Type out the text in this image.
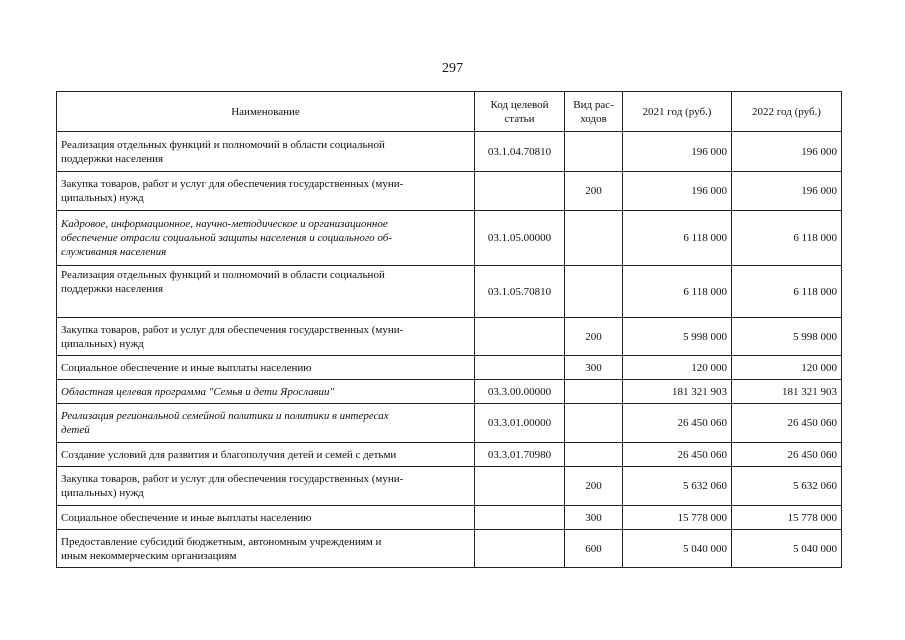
297
Наименование	Код целевой статьи	Вид рас- ходов	2021 год (руб.)	2022 год (руб.)
Реализация отдельных функций и полномочий в области социальной
поддержки населения	03.1.04.70810		196 000	196 000
Закупка товаров, работ и услуг для обеспечения государственных (муни-
ципальных) нужд		200	196 000	196 000
Кадровое, информационное, научно-методическое и организационное
обеспечение отрасли социальной защиты населения и социального об-
служивания населения	03.1.05.00000		6 118 000	6 118 000
Реализация отдельных функций и полномочий в области социальной
поддержки населения	03.1.05.70810		6 118 000	6 118 000
Закупка товаров, работ и услуг для обеспечения государственных (муни-
ципальных) нужд		200	5 998 000	5 998 000
Социальное обеспечение и иные выплаты населению		300	120 000	120 000
Областная целевая программа "Семья и дети Ярославии"	03.3.00.00000		181 321 903	181 321 903
Реализация региональной семейной политики и политики в интересах
детей	03.3.01.00000		26 450 060	26 450 060
Создание условий для развития и благополучия детей и семей с детьми	03.3.01.70980		26 450 060	26 450 060
Закупка товаров, работ и услуг для обеспечения государственных (муни-
ципальных) нужд		200	5 632 060	5 632 060
Социальное обеспечение и иные выплаты населению		300	15 778 000	15 778 000
Предоставление субсидий бюджетным, автономным учреждениям и
иным некоммерческим организациям		600	5 040 000	5 040 000
